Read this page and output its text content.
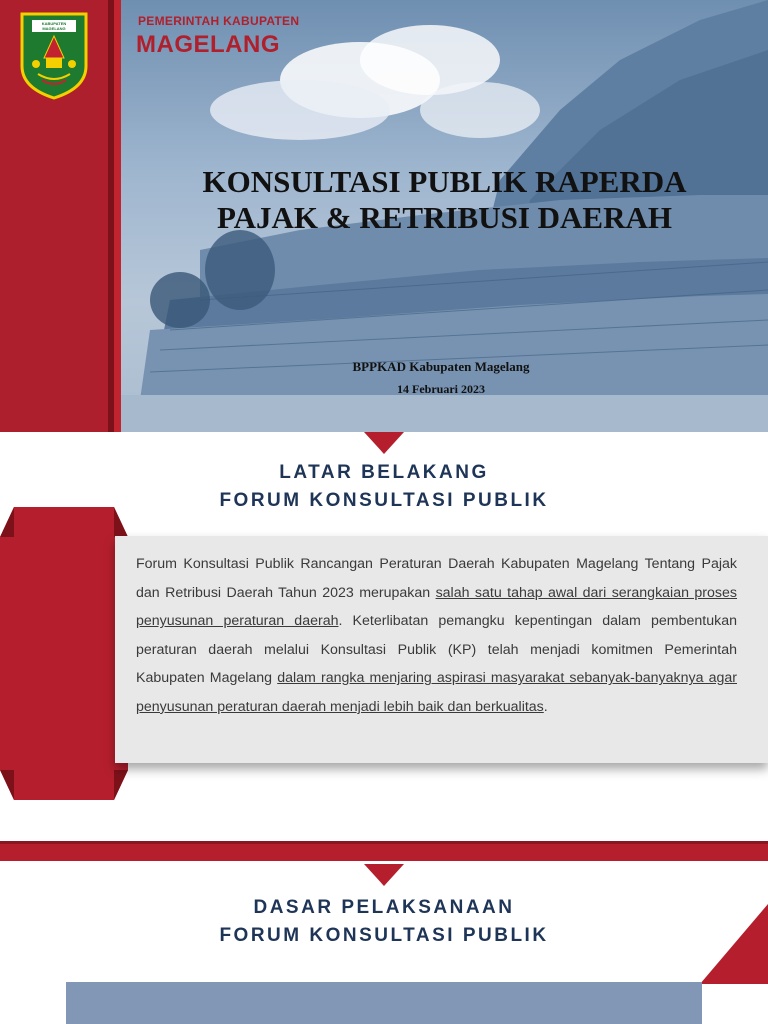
KABUPATEN
MAGELANG
PEMERINTAH KABUPATEN
MAGELANG
KONSULTASI PUBLIK RAPERDA
PAJAK & RETRIBUSI DAERAH
BPPKAD Kabupaten Magelang
14 Februari 2023
LATAR BELAKANG
FORUM KONSULTASI PUBLIK

Forum Konsultasi Publik Rancangan Peraturan Daerah Kabupaten Magelang Tentang Pajak dan Retribusi Daerah Tahun 2023 merupakan salah satu tahap awal dari serangkaian proses penyusunan peraturan daerah. Keterlibatan pemangku kepentingan dalam pembentukan peraturan daerah melalui Konsultasi Publik (KP) telah menjadi komitmen Pemerintah Kabupaten Magelang dalam rangka menjaring aspirasi masyarakat sebanyak-banyaknya agar penyusunan peraturan daerah menjadi lebih baik dan berkualitas.

DASAR PELAKSANAAN
FORUM KONSULTASI PUBLIK
